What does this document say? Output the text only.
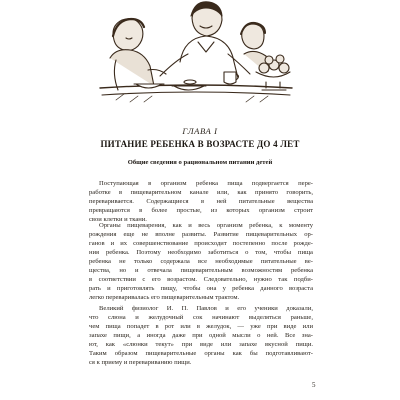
ГЛАВА I
ПИТАНИЕ РЕБЕНКА В ВОЗРАСТЕ ДО 4 ЛЕТ
Общие сведения о рациональном питании детей
Поступающая в организм ребенка пища подвергается пере-
работке в пищеварительном канале или, как принято говорить,
переваривается. Содержащиеся в ней питательные вещества
превращаются в более простые, из которых организм строит
свои клетки и ткани.
Органы пищеварения, как и весь организм ребенка, к моменту
рождения еще не вполне развиты. Развитие пищеварительных ор-
ганов и их совершенствование происходит постепенно после рожде-
ния ребенка. Поэтому необходимо заботиться о том, чтобы пища
ребенка не только содержала все необходимые питательные ве-
щества, но и отвечала пищеварительным возможностям ребенка
в соответствии с его возрастом. Следовательно, нужно так подби-
рать и приготовлять пищу, чтобы она у ребенка данного возраста
легко переваривалась его пищеварительным трактом.
Великий физиолог И. П. Павлов и его ученики доказали,
что слюна и желудочный сок начинают выделяться раньше,
чем пища попадет в рот или в желудок, — уже при виде или
запахе пищи, а иногда даже при одной мысли о ней. Все зна-
ют, как «слюнки текут» при виде или запахе вкусной пищи.
Таким образом пищеварительные органы как бы подготавливают-
ся к приему и перевариванию пищи.
5
